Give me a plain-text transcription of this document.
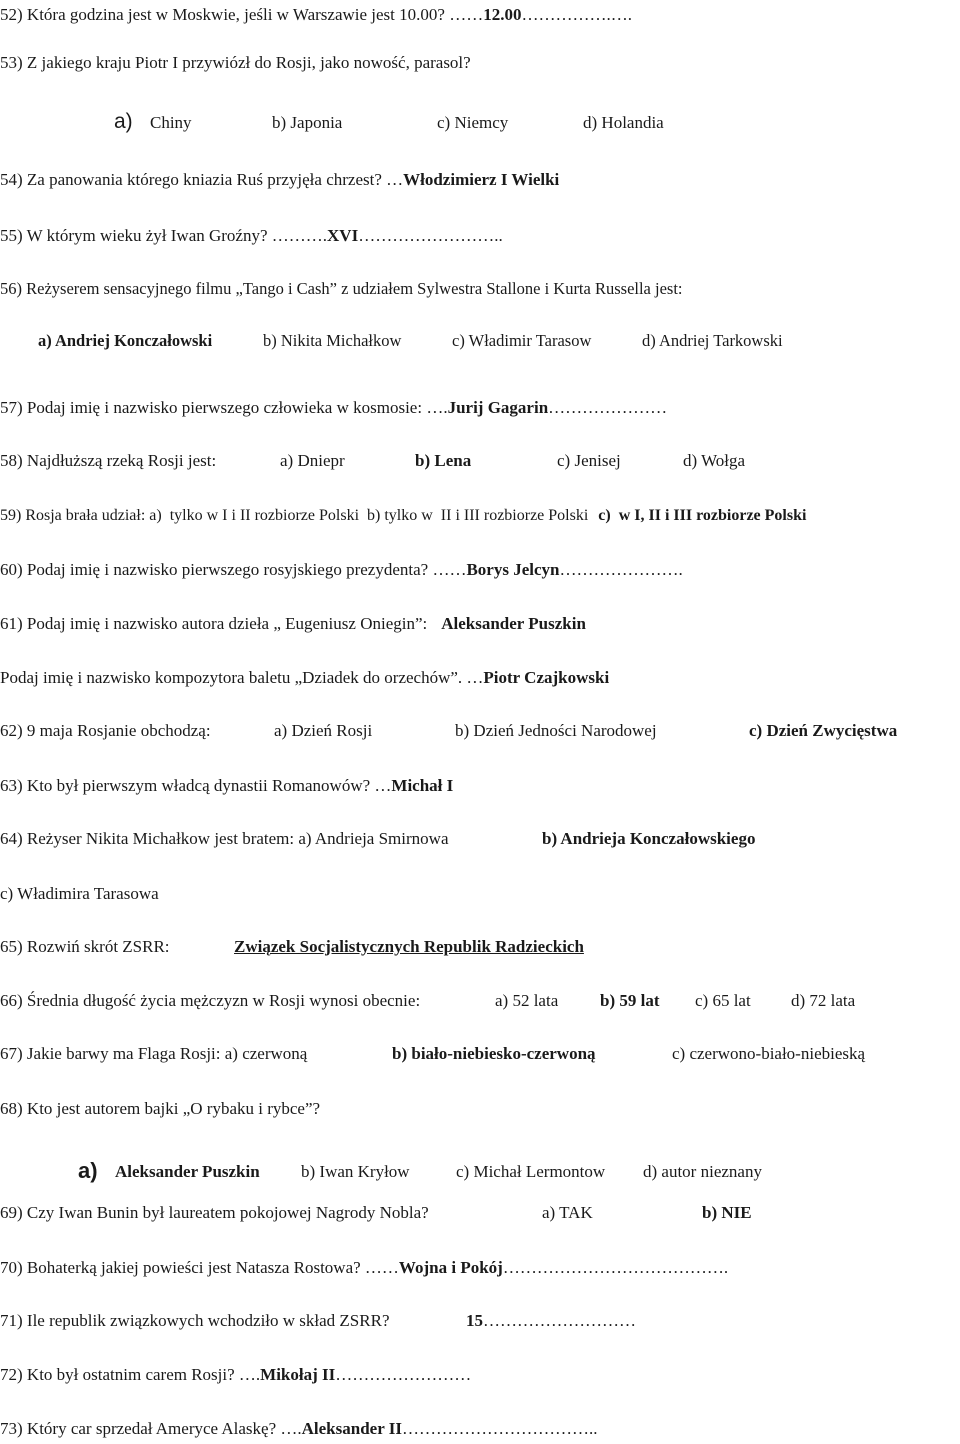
52) Która godzina jest w Moskwie, jeśli w Warszawie jest 10.00? …… 12.00 …………….….
53) Z jakiego kraju Piotr I przywiózł do Rosji, jako nowość, parasol?
a) Chiny	b) Japonia	c) Niemcy	d) Holandia
54) Za panowania którego kniazia Ruś przyjęła chrzest? … Włodzimierz I Wielki
55) W którym wieku żył Iwan Groźny? ………. XVI ……………………..
56) Reżyserem sensacyjnego filmu „Tango i Cash” z udziałem Sylwestra Stallone i Kurta Russella jest:
a) Andriej Konczałowski	b) Nikita Michałkow	c) Władimir Tarasow	d) Andriej Tarkowski
57) Podaj imię i nazwisko pierwszego człowieka w kosmosie: …. Jurij Gagarin …………………
58) Najdłuższą rzeką Rosji jest:	a) Dniepr	b) Lena	c) Jenisej	d) Wołga
59) Rosja brała udział: a)  tylko w I i II rozbiorze Polski  b) tylko w  II i III rozbiorze Polski c)  w I, II i III rozbiorze Polski
60) Podaj imię i nazwisko pierwszego rosyjskiego prezydenta? …… Borys Jelcyn ………………….
61) Podaj imię i nazwisko autora dzieła „ Eugeniusz Oniegin”: Aleksander Puszkin
Podaj imię i nazwisko kompozytora baletu „Dziadek do orzechów”. … Piotr Czajkowski
62) 9 maja Rosjanie obchodzą:	a) Dzień Rosji	b) Dzień Jedności Narodowej	c) Dzień Zwycięstwa
63) Kto był pierwszym władcą dynastii Romanowów? … Michał I
64) Reżyser Nikita Michałkow jest bratem: a) Andrieja Smirnowa	b) Andrieja Konczałowskiego
c) Władimira Tarasowa
65) Rozwiń skrót ZSRR:	Związek Socjalistycznych Republik Radzieckich
66) Średnia długość życia mężczyzn w Rosji wynosi obecnie:	a) 52 lata b) 59 lat c) 65 lat d) 72 lata
67) Jakie barwy ma Flaga Rosji: a) czerwoną	b) biało-niebiesko-czerwoną	c) czerwono-biało-niebieską
68) Kto jest autorem bajki „O rybaku i rybce”?
a) Aleksander Puszkin b) Iwan Kryłow	c) Michał Lermontow d) autor nieznany
69) Czy Iwan Bunin był laureatem pokojowej Nagrody Nobla?	a) TAK	b) NIE
70) Bohaterką jakiej powieści jest Natasza Rostowa? …… Wojna i Pokój ………………………………….
71) Ile republik związkowych wchodziło w skład ZSRR?	15………………………
72) Kto był ostatnim carem Rosji? …. Mikołaj II ……………………
73) Który car sprzedał Ameryce Alaskę? …. Aleksander II ……………………………..
